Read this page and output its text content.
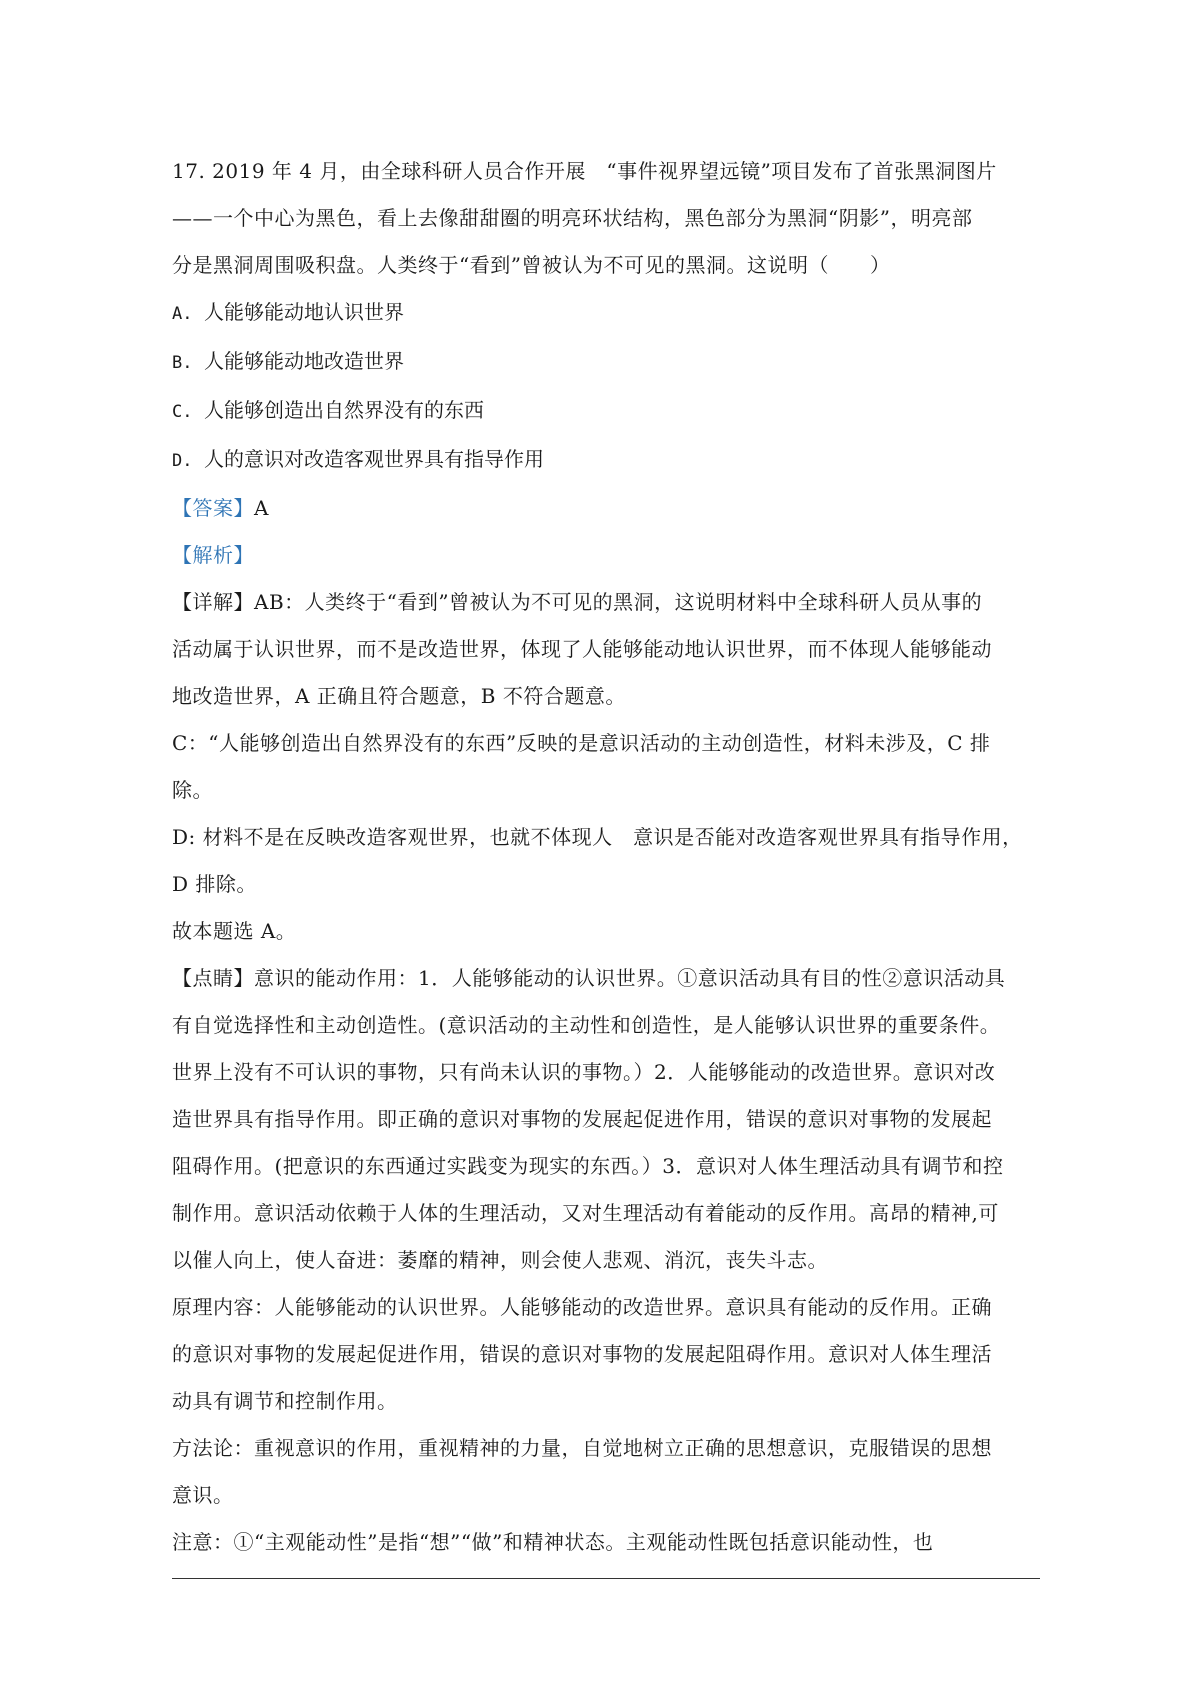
17. 2019 年 4 月，由全球科研人员合作开展　“事件视界望远镜”项目发布了首张黑洞图片
——一个中心为黑色，看上去像甜甜圈的明亮环状结构，黑色部分为黑洞“阴影”，明亮部
分是黑洞周围吸积盘。人类终于“看到”曾被认为不可见的黑洞。这说明（　　）
A. 人能够能动地认识世界
B. 人能够能动地改造世界
C. 人能够创造出自然界没有的东西
D. 人的意识对改造客观世界具有指导作用
【答案】A
【解析】
【详解】AB：人类终于“看到”曾被认为不可见的黑洞，这说明材料中全球科研人员从事的
活动属于认识世界，而不是改造世界，体现了人能够能动地认识世界，而不体现人能够能动
地改造世界，A 正确且符合题意，B 不符合题意。
C：“人能够创造出自然界没有的东西”反映的是意识活动的主动创造性，材料未涉及，C 排
除。
D: 材料不是在反映改造客观世界，也就不体现人　意识是否能对改造客观世界具有指导作用，
D 排除。
故本题选 A。
【点睛】意识的能动作用：1．人能够能动的认识世界。①意识活动具有目的性②意识活动具
有自觉选择性和主动创造性。(意识活动的主动性和创造性，是人能够认识世界的重要条件。
世界上没有不可认识的事物，只有尚未认识的事物。）2．人能够能动的改造世界。意识对改
造世界具有指导作用。即正确的意识对事物的发展起促进作用，错误的意识对事物的发展起
阻碍作用。(把意识的东西通过实践变为现实的东西。）3．意识对人体生理活动具有调节和控
制作用。意识活动依赖于人体的生理活动，又对生理活动有着能动的反作用。高昂的精神,可
以催人向上，使人奋进：萎靡的精神，则会使人悲观、消沉，丧失斗志。
原理内容：人能够能动的认识世界。人能够能动的改造世界。意识具有能动的反作用。正确
的意识对事物的发展起促进作用，错误的意识对事物的发展起阻碍作用。意识对人体生理活
动具有调节和控制作用。
方法论：重视意识的作用，重视精神的力量，自觉地树立正确的思想意识，克服错误的思想
意识。
注意：①“主观能动性”是指“想”“做”和精神状态。主观能动性既包括意识能动性，也
